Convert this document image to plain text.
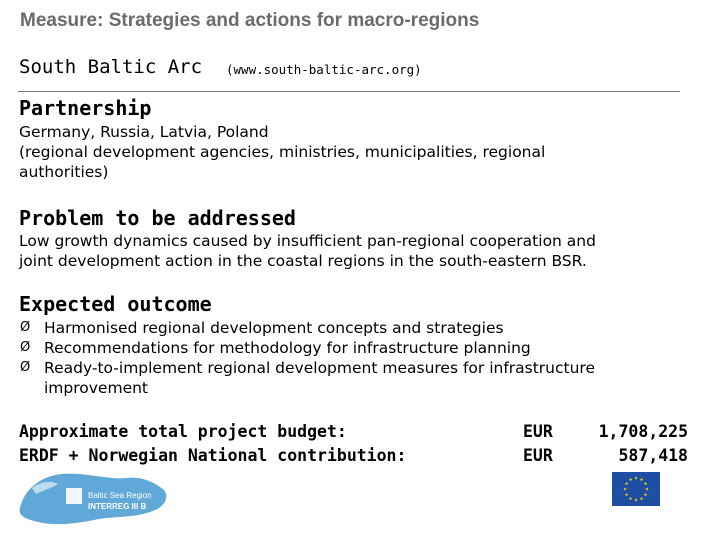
Measure: Strategies and actions for macro-regions
South Baltic Arc (www.south-baltic-arc.org)
Partnership
Germany, Russia, Latvia, Poland
(regional development agencies, ministries, municipalities, regional
authorities)
Problem to be addressed
Low growth dynamics caused by insufficient pan-regional cooperation and
joint development action in the coastal regions in the south-eastern BSR.
Expected outcome
Ø Harmonised regional development concepts and strategies
Ø Recommendations for methodology for infrastructure planning
Ø Ready-to-implement regional development measures for infrastructure improvement
Approximate total project budget:
ERDF + Norwegian National contribution:
EUR	1,708,225
EUR	587,418
Baltic Sea Region
INTERREG III B
★ ★
★
★
★
★
★
★
★
★
★
★
